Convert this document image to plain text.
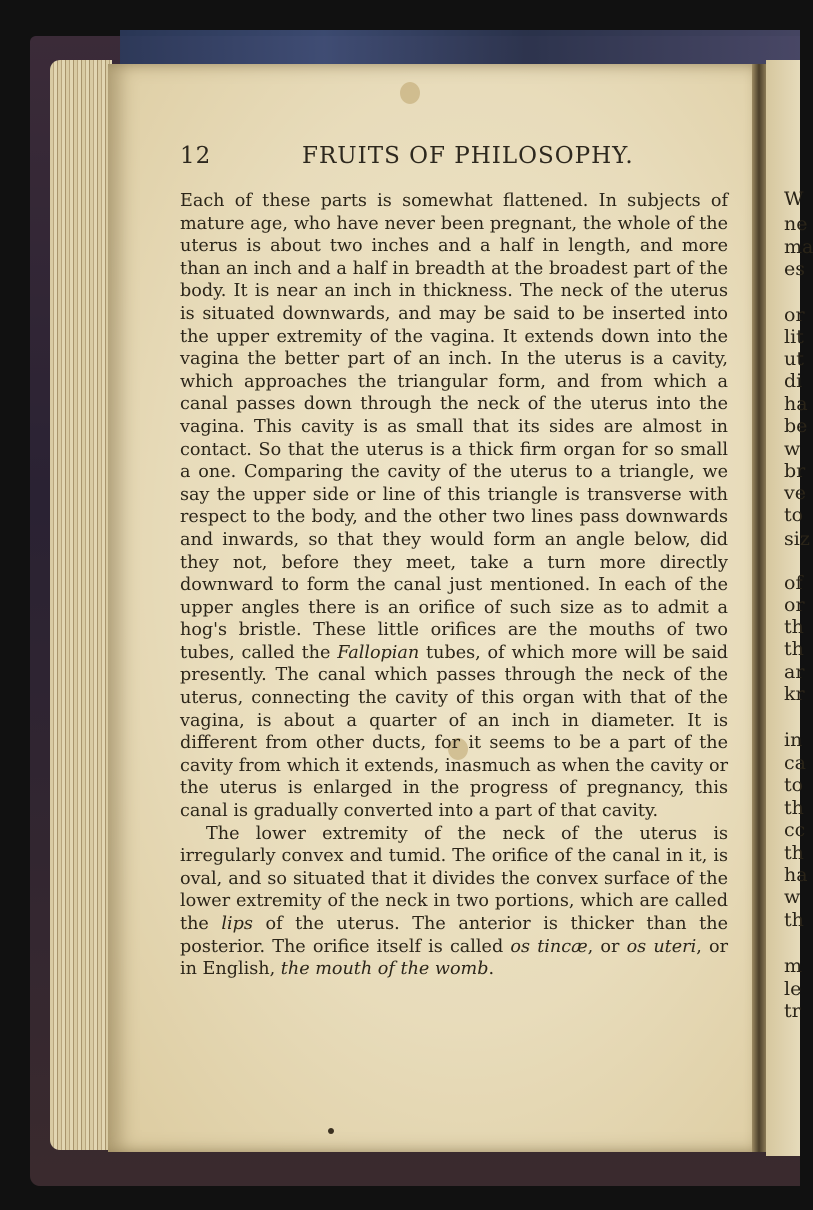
W
ne
ma
es
or
lit
ut
di
ha
be
w
br
ve
to
siz
of
or
th
th
ar
kr
in
ca
to
th
cc
th
ha
w
th
m
le
tr
12	FRUITS OF PHILOSOPHY.

Each of these parts is somewhat flattened. In subjects of mature age, who have never been pregnant, the whole of the uterus is about two inches and a half in length, and more than an inch and a half in breadth at the broadest part of the body. It is near an inch in thickness. The neck of the uterus is situated downwards, and may be said to be inserted into the upper extremity of the vagina. It extends down into the vagina the better part of an inch. In the uterus is a cavity, which approaches the triangular form, and from which a canal passes down through the neck of the uterus into the vagina. This cavity is as small that its sides are almost in contact. So that the uterus is a thick firm organ for so small a one. Comparing the cavity of the uterus to a triangle, we say the upper side or line of this triangle is transverse with respect to the body, and the other two lines pass downwards and inwards, so that they would form an angle below, did they not, before they meet, take a turn more directly downward to form the canal just mentioned. In each of the upper angles there is an orifice of such size as to admit a hog's bristle. These little orifices are the mouths of two tubes, called the Fallopian tubes, of which more will be said presently. The canal which passes through the neck of the uterus, connecting the cavity of this organ with that of the vagina, is about a quarter of an inch in diameter. It is different from other ducts, for it seems to be a part of the cavity from which it extends, inasmuch as when the cavity or the uterus is enlarged in the progress of pregnancy, this canal is gradually converted into a part of that cavity.

The lower extremity of the neck of the uterus is irregularly convex and tumid. The orifice of the canal in it, is oval, and so situated that it divides the convex surface of the lower extremity of the neck in two portions, which are called the lips of the uterus. The anterior is thicker than the posterior. The orifice itself is called os tincæ, or os uteri, or in English, the mouth of the womb.
